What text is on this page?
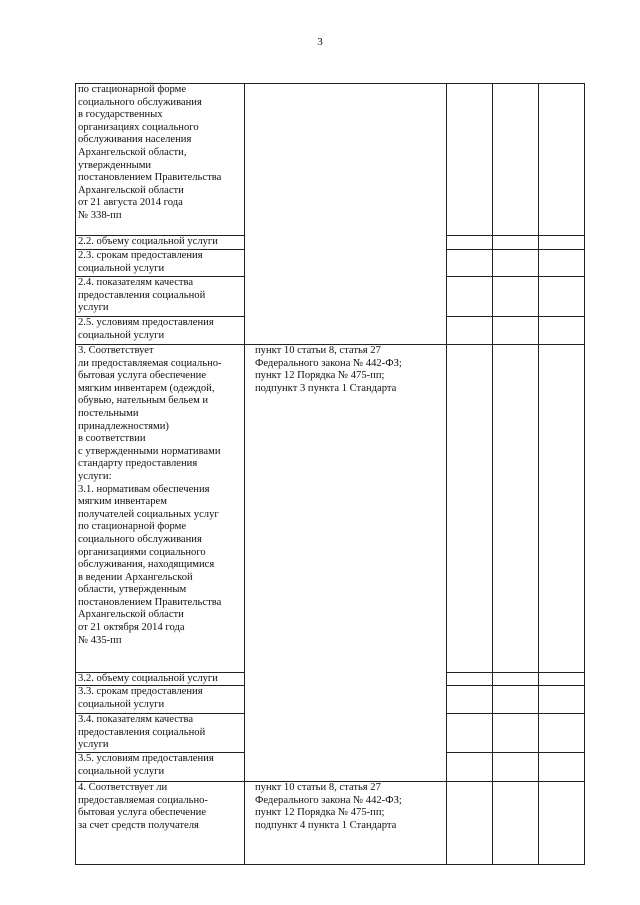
3
по стационарной форме
социального обслуживания
в государственных
организациях социального
обслуживания населения
Архангельской области,
утвержденными
постановлением Правительства
Архангельской области
от 21 августа 2014 года
№ 338-пп
2.2. объему социальной услуги
2.3. срокам предоставления
социальной услуги
2.4. показателям качества
предоставления социальной
услуги
2.5. условиям предоставления
социальной услуги
3. Соответствует
ли предоставляемая социально-
бытовая услуга обеспечение
мягким инвентарем (одеждой,
обувью, нательным бельем и
постельными
принадлежностями)
в соответствии
с утвержденными нормативами
стандарту предоставления
услуги:
3.1. нормативам обеспечения
мягким инвентарем
получателей социальных услуг
по стационарной форме
социального обслуживания
организациями социального
обслуживания, находящимися
в ведении Архангельской
области, утвержденным
постановлением Правительства
Архангельской области
от 21 октября 2014 года
№ 435-пп
пункт 10 статьи 8, статья 27
Федерального закона № 442-ФЗ;
пункт 12 Порядка № 475-пп;
подпункт 3 пункта 1 Стандарта
3.2. объему социальной услуги
3.3. срокам предоставления
социальной услуги
3.4. показателям качества
предоставления социальной
услуги
3.5. условиям предоставления
социальной услуги
4. Соответствует ли
предоставляемая социально-
бытовая услуга обеспечение
за счет средств получателя
пункт 10 статьи 8, статья 27
Федерального закона № 442-ФЗ;
пункт 12 Порядка № 475-пп;
подпункт 4 пункта 1 Стандарта
